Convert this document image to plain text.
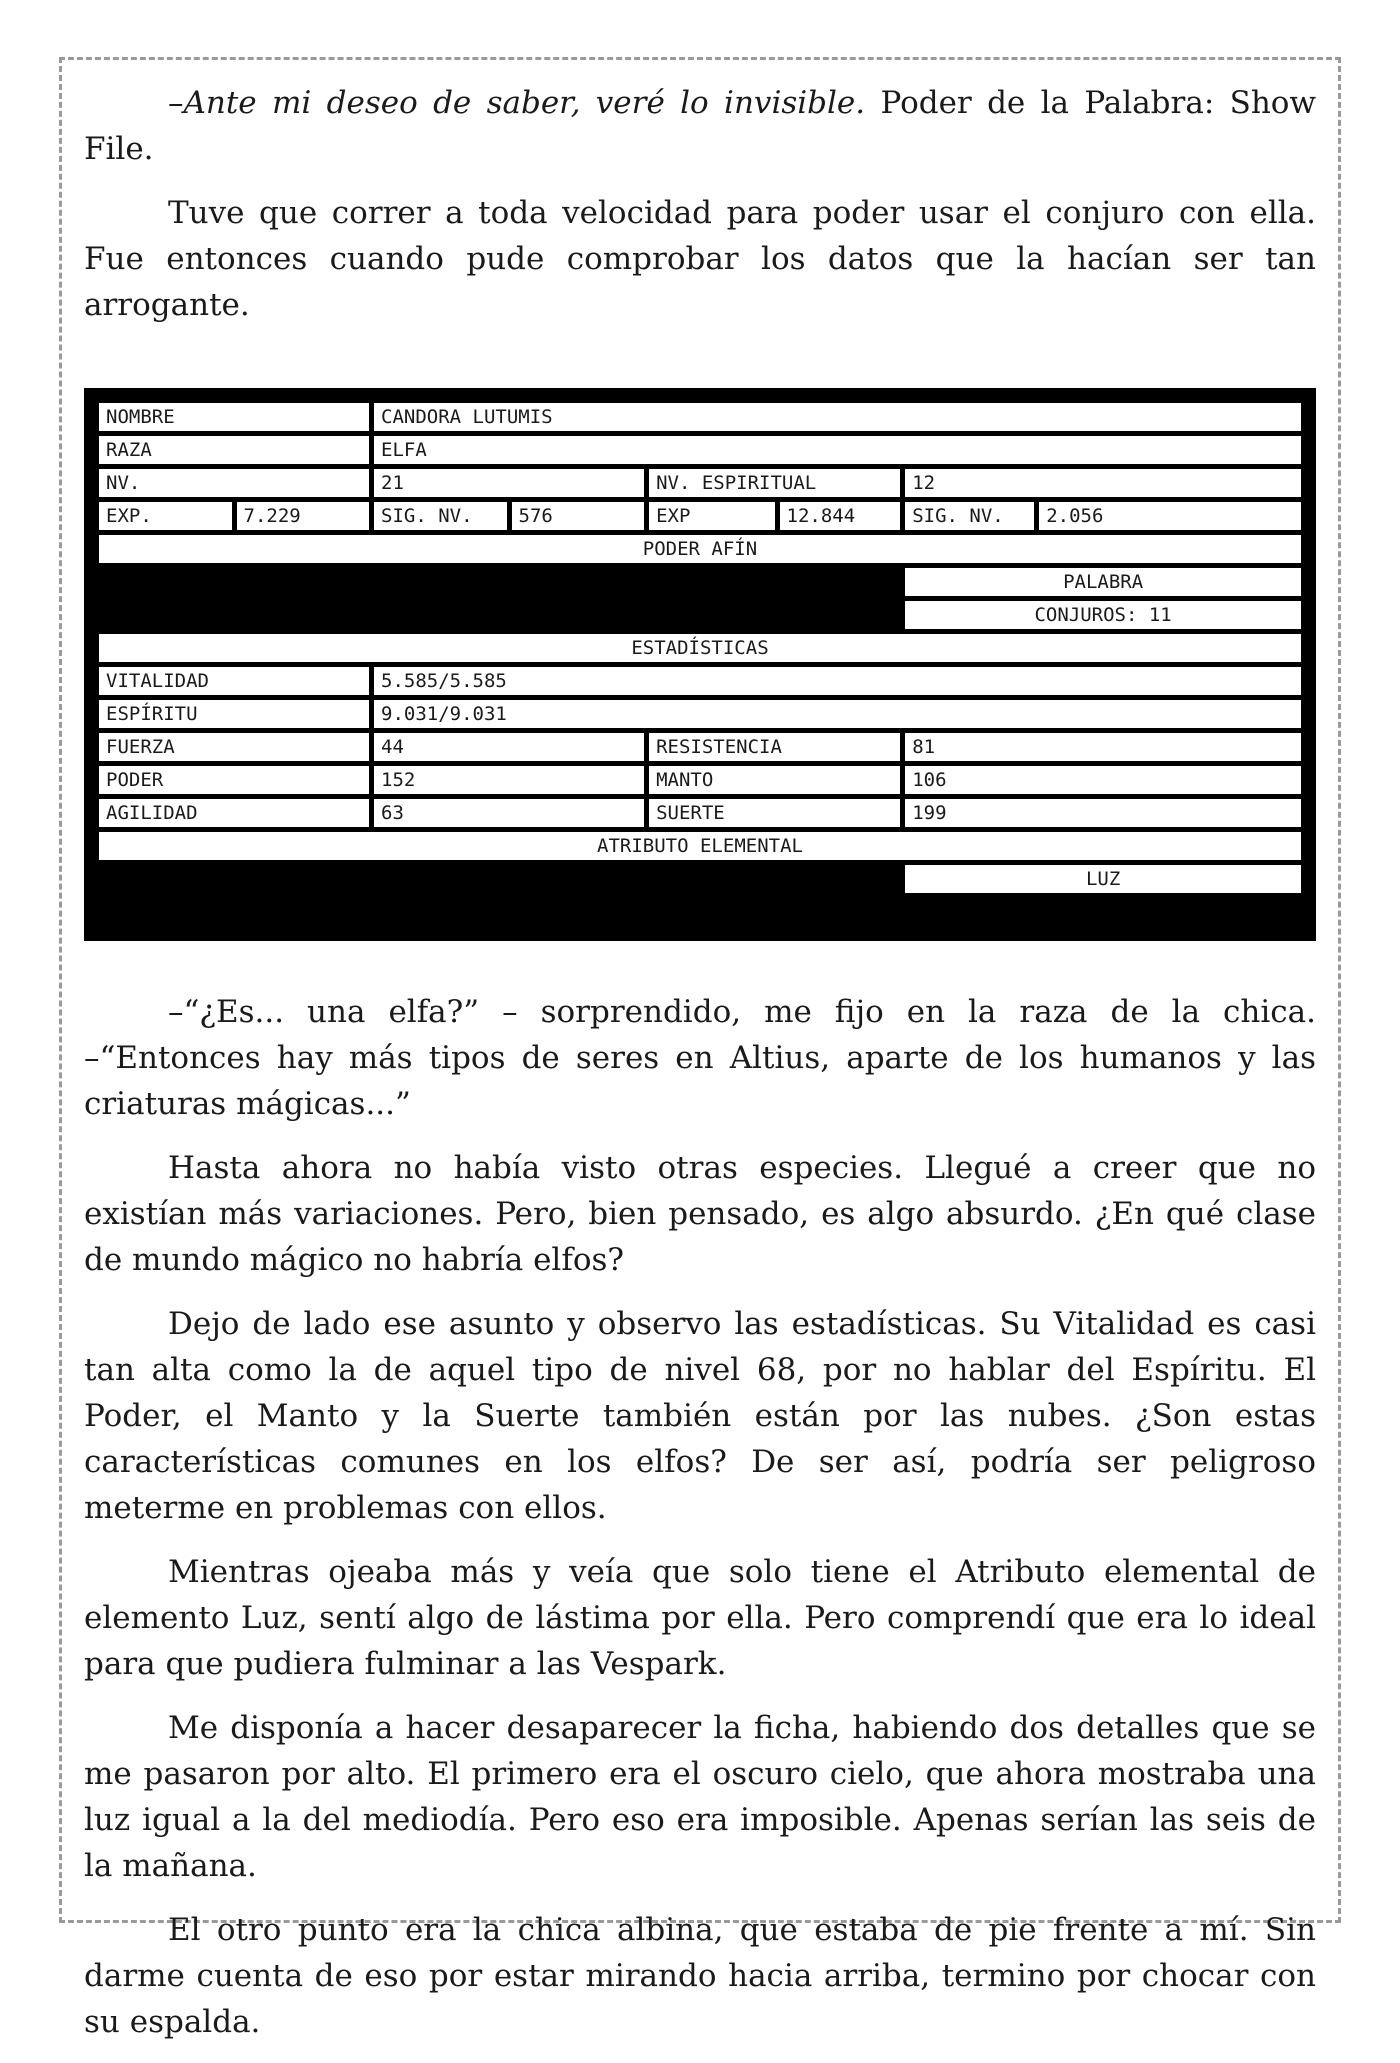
–Ante mi deseo de saber, veré lo invisible. Poder de la Palabra: Show File.

Tuve que correr a toda velocidad para poder usar el conjuro con ella. Fue entonces cuando pude comprobar los datos que la hacían ser tan arrogante.

NOMBRE		CANDORA LUTUMIS					
RAZA		ELFA					
NV.		21		NV. ESPIRITUAL		12	
EXP.	7.229	SIG. NV.	576	EXP	12.844	SIG. NV.	2.056
PODER AFÍN							
						PALABRA	
						CONJUROS: 11	
ESTADÍSTICAS							
VITALIDAD		5.585/5.585					
ESPÍRITU		9.031/9.031					
FUERZA		44		RESISTENCIA		81	
PODER		152		MANTO		106	
AGILIDAD		63		SUERTE		199	
ATRIBUTO ELEMENTAL							
						LUZ	

–“¿Es... una elfa?” – sorprendido, me fijo en la raza de la chica. –“Entonces hay más tipos de seres en Altius, aparte de los humanos y las criaturas mágicas...”

Hasta ahora no había visto otras especies. Llegué a creer que no existían más variaciones. Pero, bien pensado, es algo absurdo. ¿En qué clase de mundo mágico no habría elfos?

Dejo de lado ese asunto y observo las estadísticas. Su Vitalidad es casi tan alta como la de aquel tipo de nivel 68, por no hablar del Espíritu. El Poder, el Manto y la Suerte también están por las nubes. ¿Son estas características comunes en los elfos? De ser así, podría ser peligroso meterme en problemas con ellos.

Mientras ojeaba más y veía que solo tiene el Atributo elemental de elemento Luz, sentí algo de lástima por ella. Pero comprendí que era lo ideal para que pudiera fulminar a las Vespark.

Me disponía a hacer desaparecer la ficha, habiendo dos detalles que se me pasaron por alto. El primero era el oscuro cielo, que ahora mostraba una luz igual a la del mediodía. Pero eso era imposible. Apenas serían las seis de la mañana.

El otro punto era la chica albina, que estaba de pie frente a mí. Sin darme cuenta de eso por estar mirando hacia arriba, termino por chocar con su espalda.
